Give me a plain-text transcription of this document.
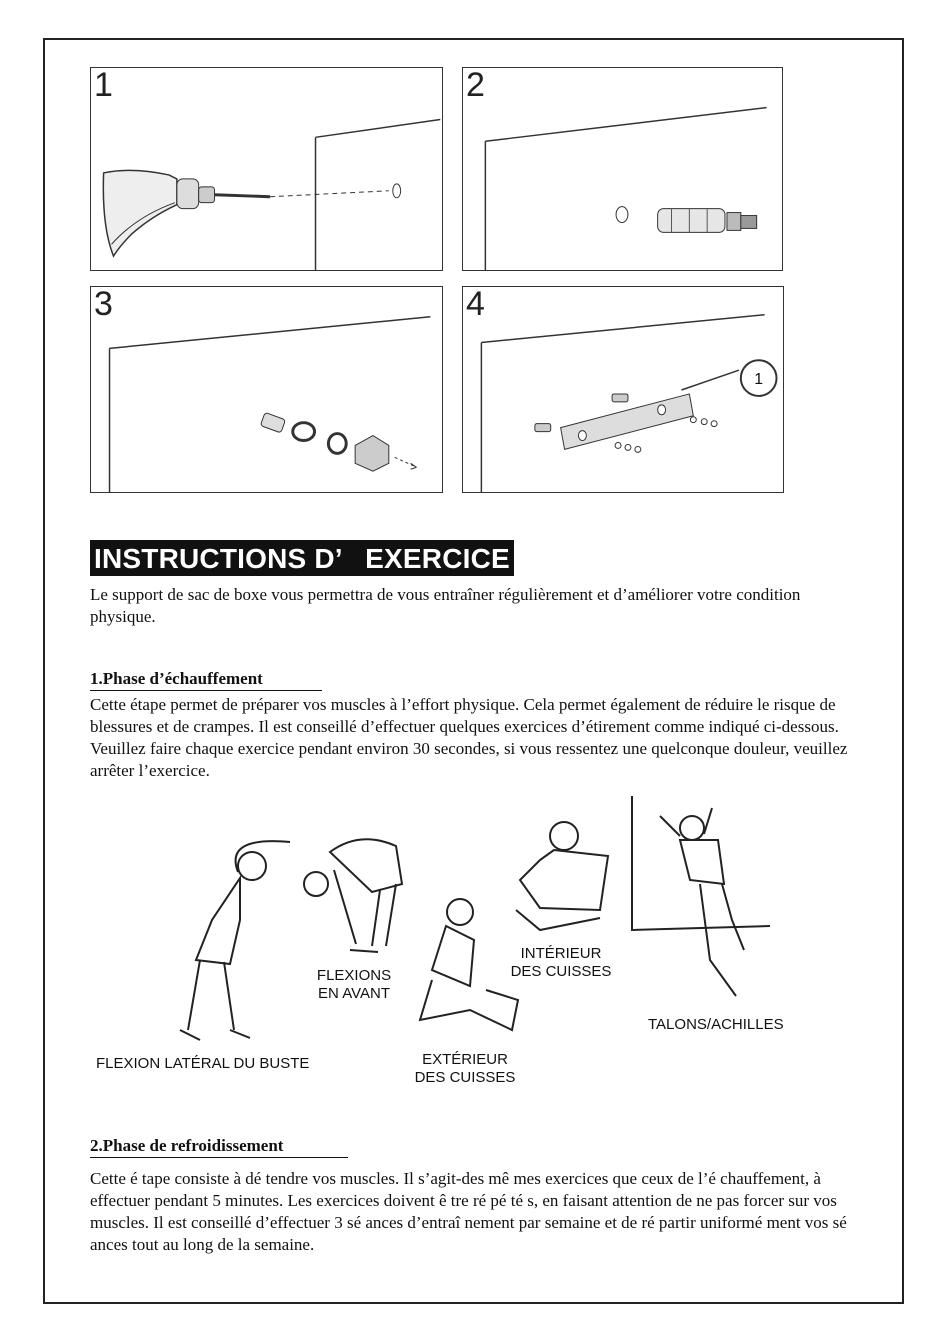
1	2
3	4
1
INSTRUCTIONS D’   EXERCICE
Le support de sac de boxe vous permettra de vous entraîner régulièrement et d’améliorer votre condition physique.
1.Phase d’échauffement
Cette étape permet de préparer vos muscles à l’effort physique. Cela permet également de réduire le risque de blessures et de crampes. Il est conseillé d’effectuer quelques exercices d’étirement comme indiqué ci-dessous. Veuillez faire chaque exercice pendant environ 30 secondes, si vous ressentez une quelconque douleur, veuillez arrêter l’exercice.
FLEXION LATÉRAL DU BUSTE
FLEXIONS
EN AVANT
EXTÉRIEUR
DES CUISSES
INTÉRIEUR
DES CUISSES
TALONS/ACHILLES
2.Phase de refroidissement
Cette é tape consiste à dé tendre vos muscles. Il s’agit-des mê mes exercices que ceux de l’é chauffement, à effectuer pendant 5 minutes. Les exercices doivent ê tre ré pé té s, en faisant attention de ne pas forcer sur vos muscles. Il est conseillé d’effectuer 3 sé ances d’entraî nement par semaine et de ré partir uniformé ment vos sé ances tout au long de la semaine.
